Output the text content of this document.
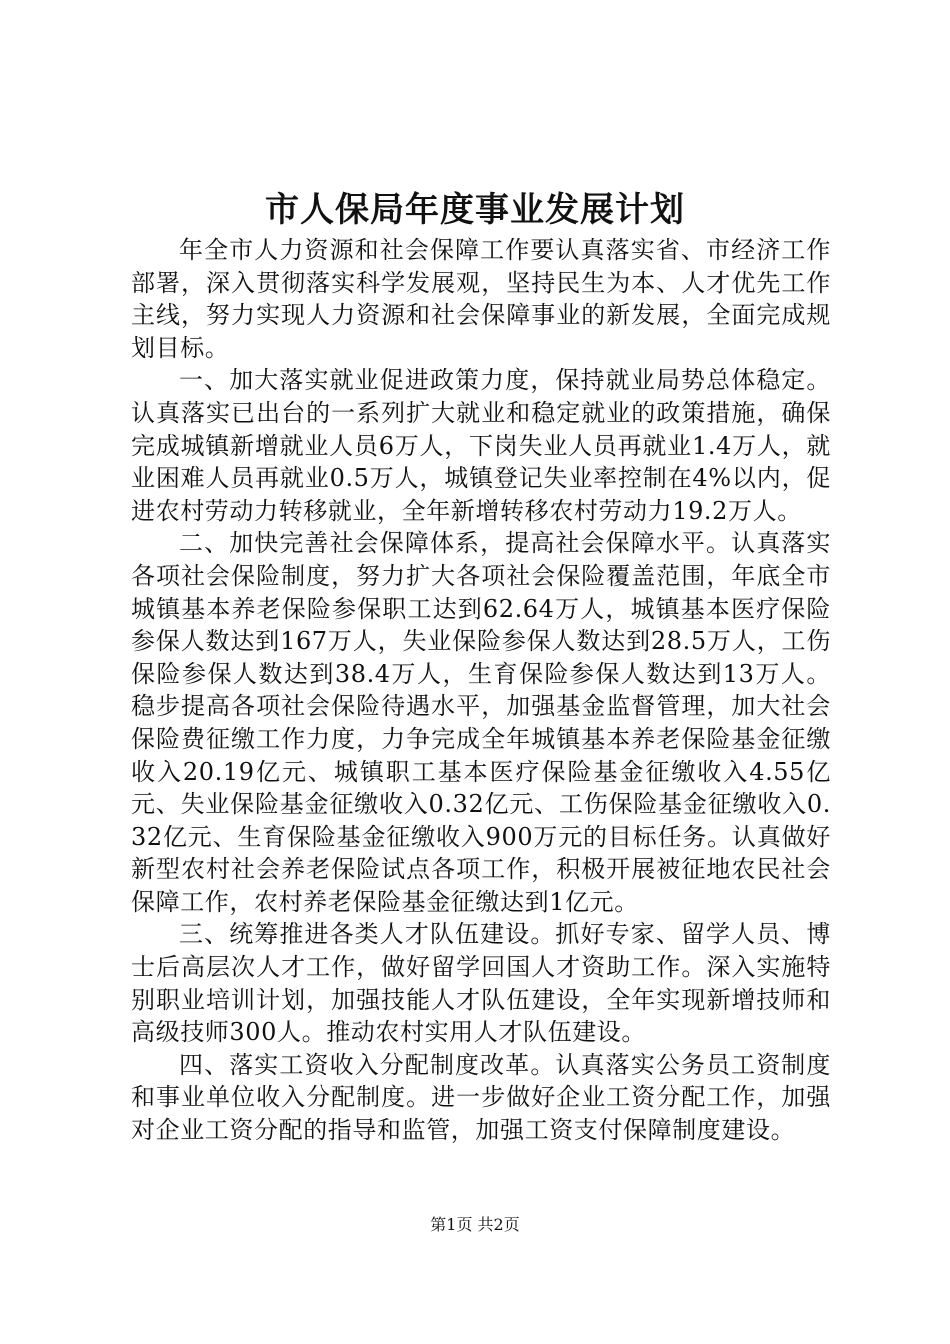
市人保局年度事业发展计划

年全市人力资源和社会保障工作要认真落实省、市经济工作部署，深入贯彻落实科学发展观，坚持民生为本、人才优先工作主线，努力实现人力资源和社会保障事业的新发展，全面完成规划目标。

一、加大落实就业促进政策力度，保持就业局势总体稳定。认真落实已出台的一系列扩大就业和稳定就业的政策措施，确保完成城镇新增就业人员6万人，下岗失业人员再就业1.4万人，就业困难人员再就业0.5万人，城镇登记失业率控制在4%以内，促进农村劳动力转移就业，全年新增转移农村劳动力19.2万人。

二、加快完善社会保障体系，提高社会保障水平。认真落实各项社会保险制度，努力扩大各项社会保险覆盖范围，年底全市城镇基本养老保险参保职工达到62.64万人，城镇基本医疗保险参保人数达到167万人，失业保险参保人数达到28.5万人，工伤保险参保人数达到38.4万人，生育保险参保人数达到13万人。稳步提高各项社会保险待遇水平，加强基金监督管理，加大社会保险费征缴工作力度，力争完成全年城镇基本养老保险基金征缴收入20.19亿元、城镇职工基本医疗保险基金征缴收入4.55亿元、失业保险基金征缴收入0.32亿元、工伤保险基金征缴收入0.32亿元、生育保险基金征缴收入900万元的目标任务。认真做好新型农村社会养老保险试点各项工作，积极开展被征地农民社会保障工作，农村养老保险基金征缴达到1亿元。

三、统筹推进各类人才队伍建设。抓好专家、留学人员、博士后高层次人才工作，做好留学回国人才资助工作。深入实施特别职业培训计划，加强技能人才队伍建设，全年实现新增技师和高级技师300人。推动农村实用人才队伍建设。

四、落实工资收入分配制度改革。认真落实公务员工资制度和事业单位收入分配制度。进一步做好企业工资分配工作，加强对企业工资分配的指导和监管，加强工资支付保障制度建设。

第1页 共2页
